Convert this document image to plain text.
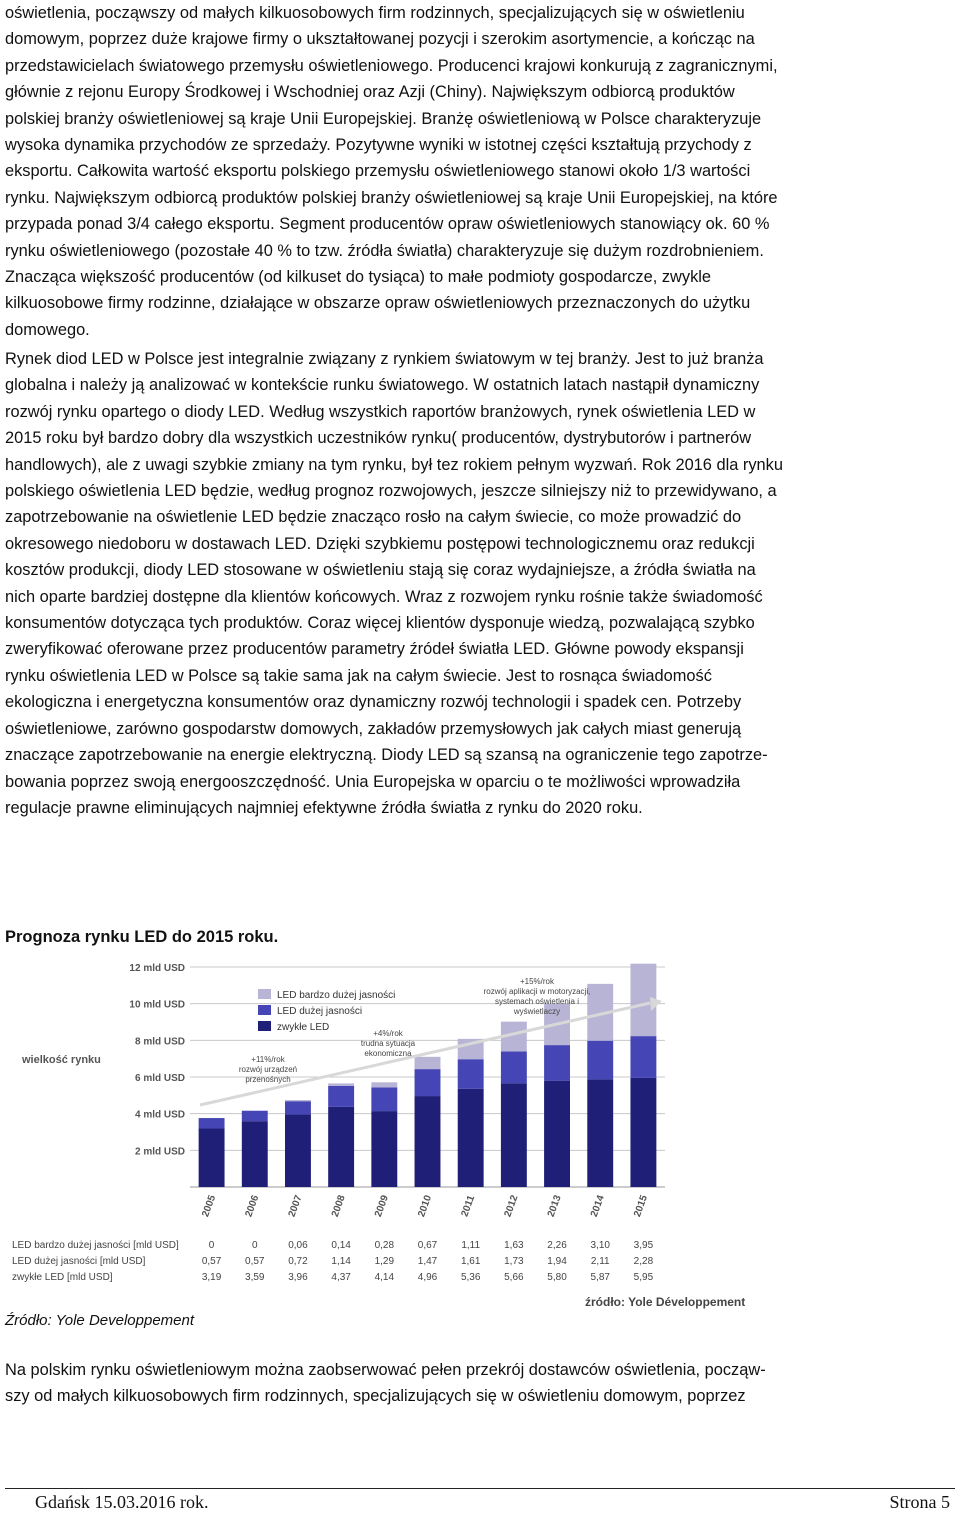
oświetlenia, począwszy od małych kilkuosobowych firm rodzinnych, specjalizujących się w oświetleniu
domowym, poprzez duże krajowe firmy o ukształtowanej pozycji i szerokim asortymencie, a kończąc na
przedstawicielach światowego przemysłu oświetleniowego. Producenci krajowi konkurują z zagranicznymi,
głównie z rejonu Europy Środkowej i Wschodniej oraz Azji (Chiny). Największym odbiorcą produktów
polskiej branży oświetleniowej są kraje Unii Europejskiej. Branżę oświetleniową w Polsce charakteryzuje
wysoka dynamika przychodów ze sprzedaży. Pozytywne wyniki w istotnej części kształtują przychody z
eksportu. Całkowita wartość eksportu polskiego przemysłu oświetleniowego stanowi około 1/3 wartości
rynku. Największym odbiorcą produktów polskiej branży oświetleniowej są kraje Unii Europejskiej, na które
przypada ponad 3/4 całego eksportu. Segment producentów opraw oświetleniowych stanowiący ok. 60 %
rynku oświetleniowego (pozostałe 40 % to tzw. źródła światła) charakteryzuje się dużym rozdrobnieniem.
Znacząca większość producentów (od kilkuset do tysiąca) to małe podmioty gospodarcze, zwykle
kilkuosobowe firmy rodzinne, działające w obszarze opraw oświetleniowych przeznaczonych do użytku
domowego.
Rynek diod LED w Polsce jest integralnie związany z rynkiem światowym w tej branży. Jest to już branża
globalna i należy ją analizować w kontekście runku światowego. W ostatnich latach nastąpił dynamiczny
rozwój rynku opartego o diody LED. Według wszystkich raportów branżowych, rynek oświetlenia LED w
2015 roku był bardzo dobry dla wszystkich uczestników rynku( producentów, dystrybutorów i partnerów
handlowych), ale z uwagi szybkie zmiany na tym rynku, był tez rokiem pełnym wyzwań. Rok 2016 dla rynku
polskiego oświetlenia LED będzie, według prognoz rozwojowych, jeszcze silniejszy niż to przewidywano, a
zapotrzebowanie na oświetlenie LED będzie znacząco rosło na całym świecie, co może prowadzić do
okresowego niedoboru w dostawach LED. Dzięki szybkiemu postępowi technologicznemu oraz redukcji
kosztów produkcji, diody LED stosowane w oświetleniu stają się coraz wydajniejsze, a źródła światła na
nich oparte bardziej dostępne dla klientów końcowych. Wraz z rozwojem rynku rośnie także świadomość
konsumentów dotycząca tych produktów. Coraz więcej klientów dysponuje wiedzą, pozwalającą szybko
zweryfikować oferowane przez producentów parametry źródeł światła LED. Główne powody ekspansji
rynku oświetlenia LED w Polsce są takie sama jak na całym świecie. Jest to rosnąca świadomość
ekologiczna i energetyczna konsumentów oraz dynamiczny rozwój technologii i spadek cen. Potrzeby
oświetleniowe, zarówno gospodarstw domowych, zakładów przemysłowych jak całych miast generują
znaczące zapotrzebowanie na energie elektryczną. Diody LED są szansą na ograniczenie tego zapotrze-
bowania poprzez swoją energooszczędność. Unia Europejska w oparciu o te możliwości wprowadziła
regulacje prawne eliminujących najmniej efektywne źródła światła z rynku do 2020 roku.

Prognoza rynku LED do 2015 roku.

2 mld USD
4 mld USD
6 mld USD
8 mld USD
10 mld USD
12 mld USD
2005	2006	2007	2008	2009	2010	2011	2012	2013	2014	2015
LED bardzo dużej jasności
LED dużej jasności
zwykłe LED
+11%/rok
rozwój urządzeń
przenośnych
+4%/rok
trudna sytuacja
ekonomiczna
+15%/rok
rozwój aplikacji w motoryzacji,
systemach oświetlenia i
wyświetlaczy
LED bardzo dużej jasności [mld USD]	0	0	0,06 0,14 0,28 0,67 1,11 1,63 2,26 3,10 3,95
LED dużej jasności [mld USD]	0,57 0,57 0,72 1,14 1,29 1,47 1,61 1,73 1,94 2,11 2,28
zwykłe LED [mld USD]	3,19 3,59 3,96 4,37 4,14 4,96 5,36 5,66 5,80 5,87 5,95
wielkość rynku
źródło: Yole Développement

Źródło: Yole Developpement

Na polskim rynku oświetleniowym można zaobserwować pełen przekrój dostawców oświetlenia, począw-
szy od małych kilkuosobowych firm rodzinnych, specjalizujących się w oświetleniu domowym, poprzez
Gdańsk 15.03.2016 rok.	Strona 5
